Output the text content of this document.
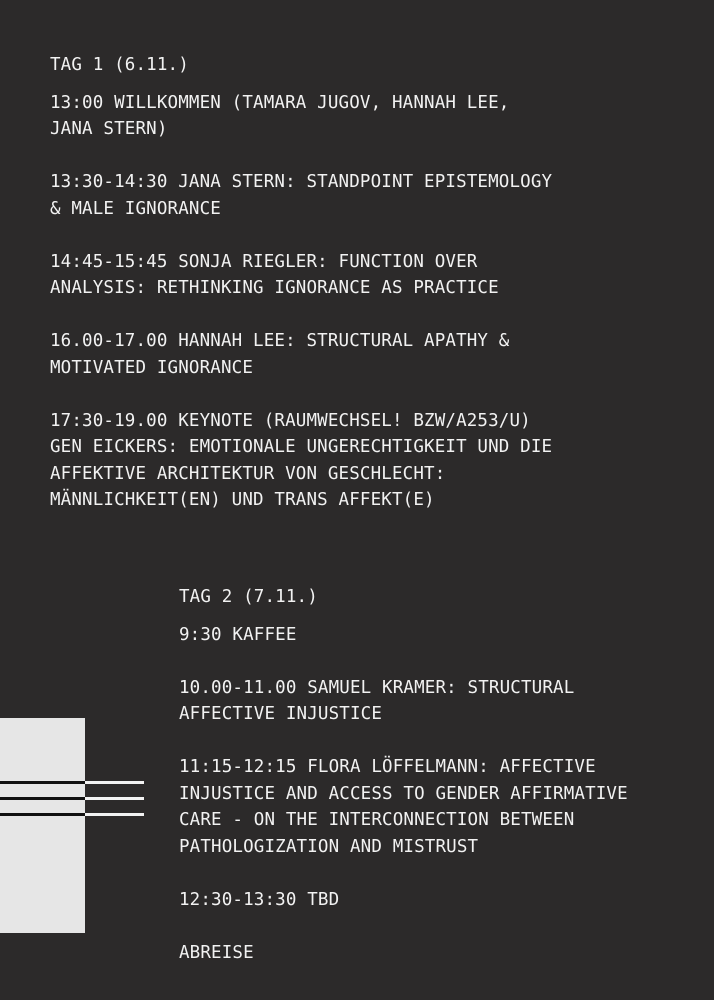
TAG 1 (6.11.)
13:00 WILLKOMMEN (TAMARA JUGOV, HANNAH LEE,
JANA STERN)
13:30-14:30 JANA STERN: STANDPOINT EPISTEMOLOGY
& MALE IGNORANCE
14:45-15:45 SONJA RIEGLER: FUNCTION OVER
ANALYSIS: RETHINKING IGNORANCE AS PRACTICE
16.00-17.00 HANNAH LEE: STRUCTURAL APATHY &
MOTIVATED IGNORANCE
17:30-19.00 KEYNOTE (RAUMWECHSEL! BZW/A253/U)
GEN EICKERS: EMOTIONALE UNGERECHTIGKEIT UND DIE
AFFEKTIVE ARCHITEKTUR VON GESCHLECHT:
MÄNNLICHKEIT(EN) UND TRANS AFFEKT(E)
TAG 2 (7.11.)
9:30 KAFFEE
10.00-11.00 SAMUEL KRAMER: STRUCTURAL
AFFECTIVE INJUSTICE
11:15-12:15 FLORA LÖFFELMANN: AFFECTIVE
INJUSTICE AND ACCESS TO GENDER AFFIRMATIVE
CARE - ON THE INTERCONNECTION BETWEEN
PATHOLOGIZATION AND MISTRUST
12:30-13:30 TBD
ABREISE
